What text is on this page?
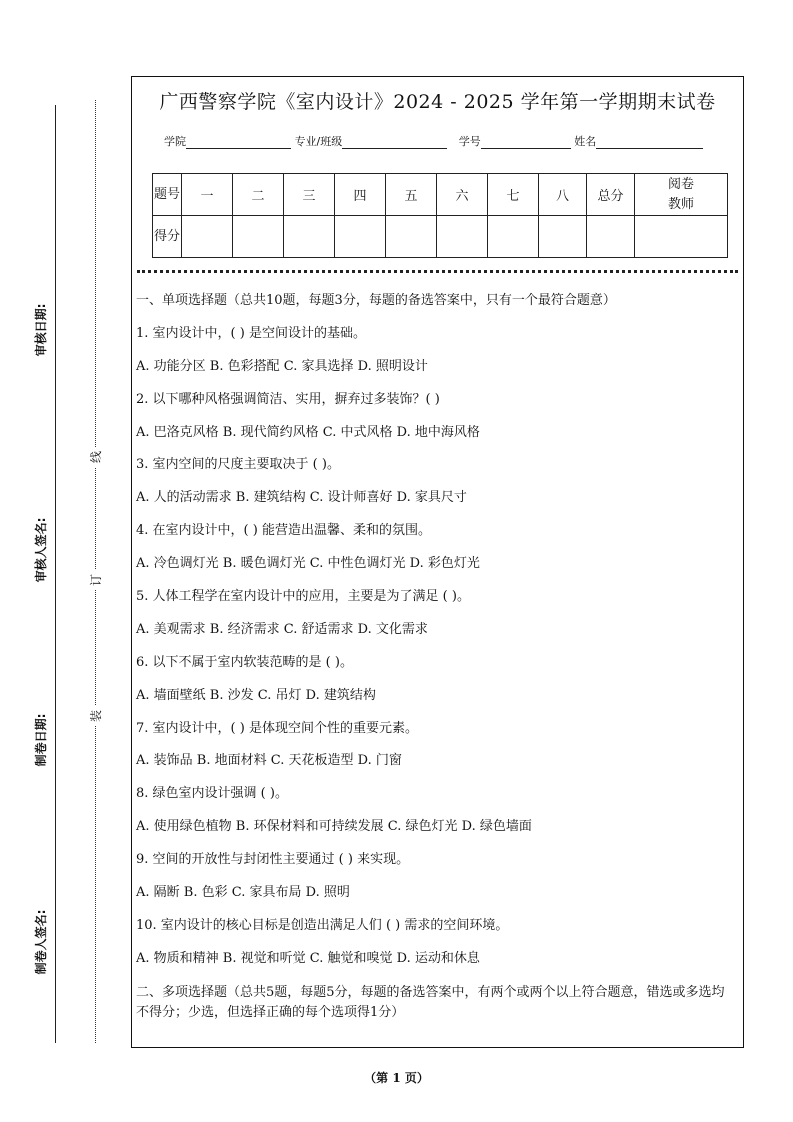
审核日期:
审核人签名:
制卷日期:
制卷人签名:
线
订
装
广西警察学院《室内设计》2024 - 2025 学年第一学期期末试卷
学院	专业/班级	学号	姓名
题号	一	二	三	四	五	六	七	八	总分	阅卷教师
得分										
一、单项选择题（总共10题，每题3分，每题的备选答案中，只有一个最符合题意）
1. 室内设计中，( ) 是空间设计的基础。
A. 功能分区 B. 色彩搭配 C. 家具选择 D. 照明设计
2. 以下哪种风格强调简洁、实用，摒弃过多装饰？( )
A. 巴洛克风格 B. 现代简约风格 C. 中式风格 D. 地中海风格
3. 室内空间的尺度主要取决于 ( )。
A. 人的活动需求 B. 建筑结构 C. 设计师喜好 D. 家具尺寸
4. 在室内设计中，( ) 能营造出温馨、柔和的氛围。
A. 冷色调灯光 B. 暖色调灯光 C. 中性色调灯光 D. 彩色灯光
5. 人体工程学在室内设计中的应用，主要是为了满足 ( )。
A. 美观需求 B. 经济需求 C. 舒适需求 D. 文化需求
6. 以下不属于室内软装范畴的是 ( )。
A. 墙面壁纸 B. 沙发 C. 吊灯 D. 建筑结构
7. 室内设计中，( ) 是体现空间个性的重要元素。
A. 装饰品 B. 地面材料 C. 天花板造型 D. 门窗
8. 绿色室内设计强调 ( )。
A. 使用绿色植物 B. 环保材料和可持续发展 C. 绿色灯光 D. 绿色墙面
9. 空间的开放性与封闭性主要通过 ( ) 来实现。
A. 隔断 B. 色彩 C. 家具布局 D. 照明
10. 室内设计的核心目标是创造出满足人们 ( ) 需求的空间环境。
A. 物质和精神 B. 视觉和听觉 C. 触觉和嗅觉 D. 运动和休息
二、多项选择题（总共5题，每题5分，每题的备选答案中，有两个或两个以上符合题意，错选或多选均不得分；少选，但选择正确的每个选项得1分）
（第 1 页）
